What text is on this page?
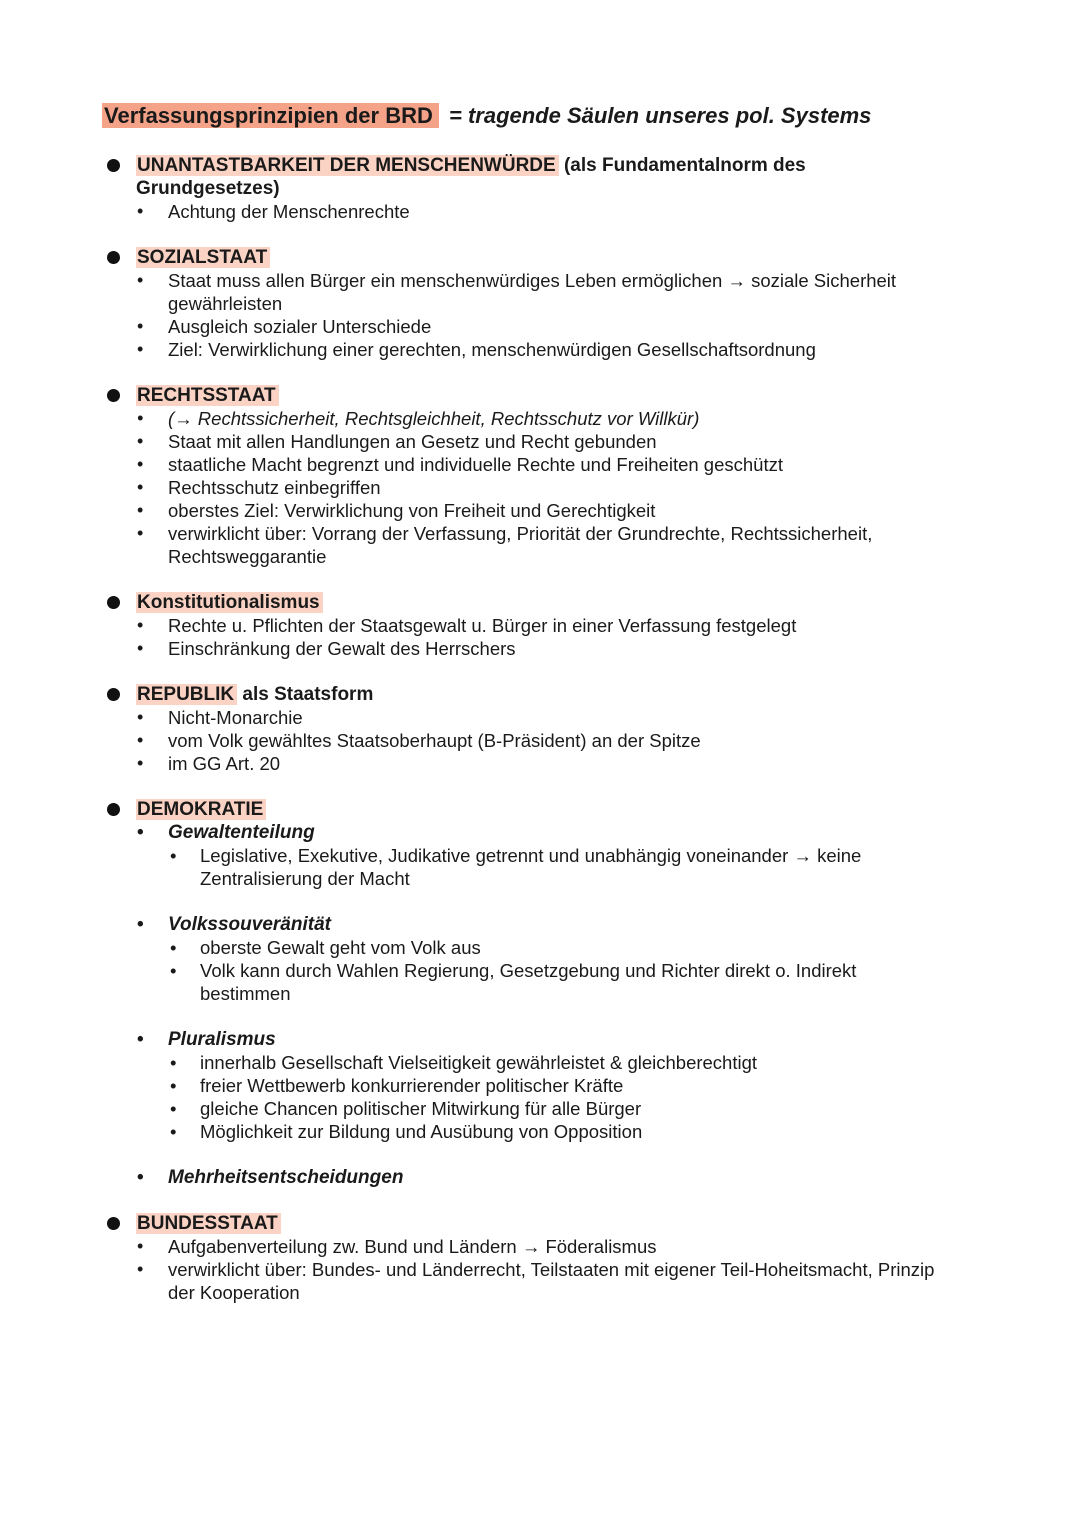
Verfassungsprinzipien der BRD = tragende Säulen unseres pol. Systems
UNANTASTBARKEIT DER MENSCHENWÜRDE (als Fundamentalnorm des Grundgesetzes)
• Achtung der Menschenrechte
SOZIALSTAAT
• Staat muss allen Bürger ein menschenwürdiges Leben ermöglichen → soziale Sicherheit gewährleisten
• Ausgleich sozialer Unterschiede
• Ziel: Verwirklichung einer gerechten, menschenwürdigen Gesellschaftsordnung
RECHTSSTAAT
• (→ Rechtssicherheit, Rechtsgleichheit, Rechtsschutz vor Willkür)
• Staat mit allen Handlungen an Gesetz und Recht gebunden
• staatliche Macht begrenzt und individuelle Rechte und Freiheiten geschützt
• Rechtsschutz einbegriffen
• oberstes Ziel: Verwirklichung von Freiheit und Gerechtigkeit
• verwirklicht über: Vorrang der Verfassung, Priorität der Grundrechte, Rechtssicherheit, Rechtsweggarantie
Konstitutionalismus
• Rechte u. Pflichten der Staatsgewalt u. Bürger in einer Verfassung festgelegt
• Einschränkung der Gewalt des Herrschers
REPUBLIK als Staatsform
• Nicht-Monarchie
• vom Volk gewähltes Staatsoberhaupt (B-Präsident) an der Spitze
• im GG Art. 20
DEMOKRATIE
• Gewaltenteilung
• Legislative, Exekutive, Judikative getrennt und unabhängig voneinander → keine Zentralisierung der Macht
• Volkssouveränität
• oberste Gewalt geht vom Volk aus
• Volk kann durch Wahlen Regierung, Gesetzgebung und Richter direkt o. Indirekt bestimmen
• Pluralismus
• innerhalb Gesellschaft Vielseitigkeit gewährleistet & gleichberechtigt
• freier Wettbewerb konkurrierender politischer Kräfte
• gleiche Chancen politischer Mitwirkung für alle Bürger
• Möglichkeit zur Bildung und Ausübung von Opposition
• Mehrheitsentscheidungen
BUNDESSTAAT
• Aufgabenverteilung zw. Bund und Ländern → Föderalismus
• verwirklicht über: Bundes- und Länderrecht, Teilstaaten mit eigener Teil-Hoheitsmacht, Prinzip der Kooperation
